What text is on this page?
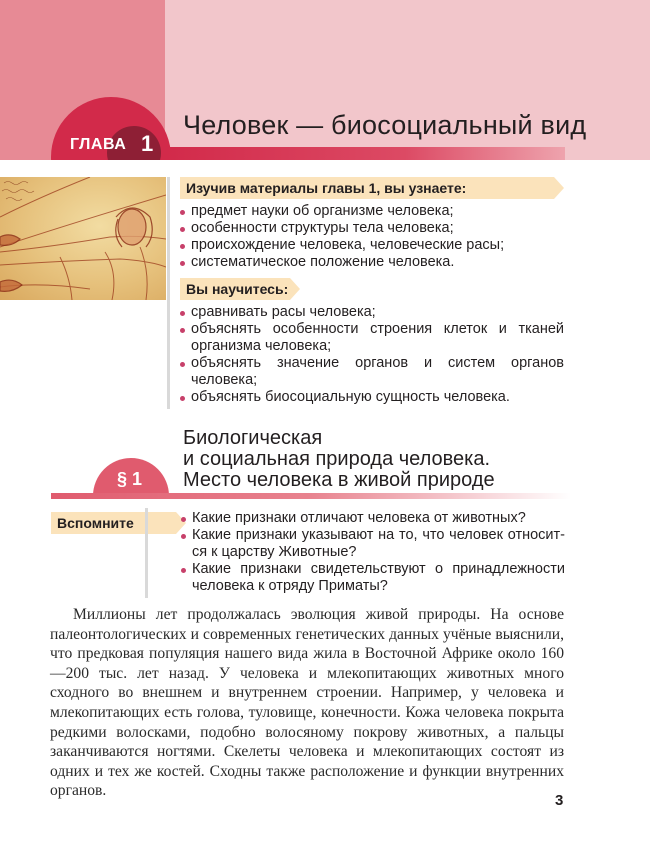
ГЛАВА 1
Человек — биосоциальный вид
Изучив материалы главы 1, вы узнаете:
предмет науки об организме человека;
особенности структуры тела человека;
происхождение человека, человеческие расы;
систематическое положение человека.
Вы научитесь:
сравнивать расы человека;
объяснять особенности строения клеток и тканей организма человека;
объяснять значение органов и систем органов человека;
объяснять биосоциальную сущность человека.
§ 1
Биологическая
и социальная природа человека.
Место человека в живой природе
Вспомните	Какие признаки отличают человека от животных?
Какие признаки указывают на то, что человек относится к царству Животные?
Какие признаки свидетельствуют о принадлежности человека к отряду Приматы?

Миллионы лет продолжалась эволюция живой природы. На основе палеонтологических и современных генетических данных учёные выяснили, что предковая популяция нашего вида жила в Восточной Африке около 160—200 тыс. лет назад. У человека и млекопитающих животных много сходного во внешнем и внутреннем строении. Например, у человека и млекопитающих есть голова, туловище, конечности. Кожа человека покрыта редкими волосками, подобно волосяному покрову животных, а пальцы заканчиваются ногтями. Скелеты человека и млекопитающих состоят из одних и тех же костей. Сходны также расположение и функции внутренних органов.

3
